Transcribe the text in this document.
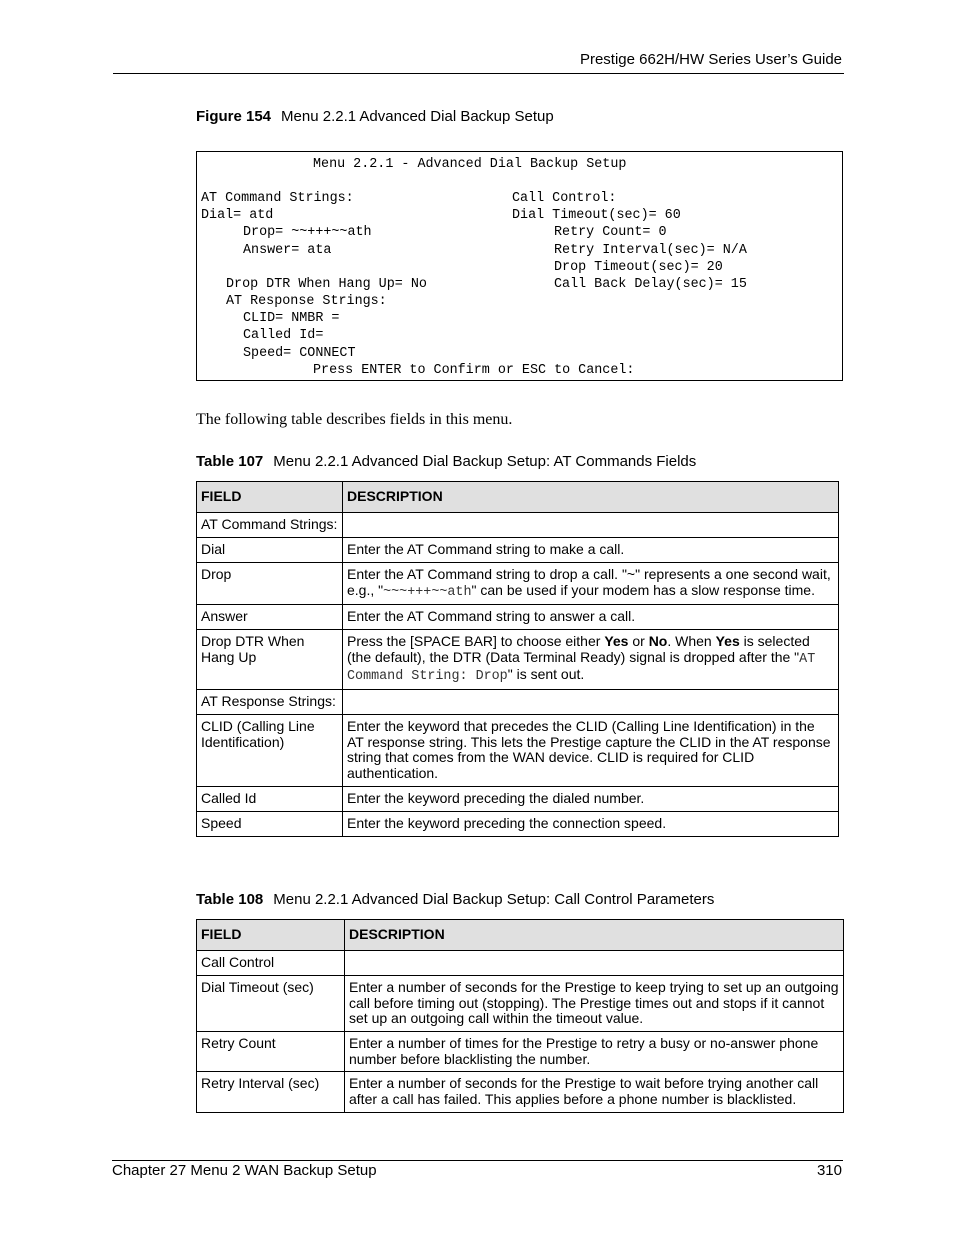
Prestige 662H/HW Series User’s Guide
Figure 154 Menu 2.2.1 Advanced Dial Backup Setup
Menu 2.2.1 - Advanced Dial Backup Setup
AT Command Strings:
Dial= atd
Drop= ~~+++~~ath
Answer= ata
Drop DTR When Hang Up= No
AT Response Strings:
CLID= NMBR =
Called Id=
Speed= CONNECT
Call Control:
Dial Timeout(sec)= 60
Retry Count= 0
Retry Interval(sec)= N/A
Drop Timeout(sec)= 20
Call Back Delay(sec)= 15
Press ENTER to Confirm or ESC to Cancel:
The following table describes fields in this menu.
Table 107 Menu 2.2.1 Advanced Dial Backup Setup: AT Commands Fields
FIELD	DESCRIPTION
AT Command Strings:	
Dial	Enter the AT Command string to make a call.
Drop	Enter the AT Command string to drop a call. "~" represents a one second wait, e.g., "~~~+++~~ath" can be used if your modem has a slow response time.
Answer	Enter the AT Command string to answer a call.
Drop DTR When Hang Up	Press the [SPACE BAR] to choose either Yes or No. When Yes is selected (the default), the DTR (Data Terminal Ready) signal is dropped after the "AT Command String: Drop" is sent out.
AT Response Strings:	
CLID (Calling Line Identification)	Enter the keyword that precedes the CLID (Calling Line Identification) in the AT response string. This lets the Prestige capture the CLID in the AT response string that comes from the WAN device. CLID is required for CLID authentication.
Called Id	Enter the keyword preceding the dialed number.
Speed	Enter the keyword preceding the connection speed.
Table 108 Menu 2.2.1 Advanced Dial Backup Setup: Call Control Parameters
FIELD	DESCRIPTION
Call Control	
Dial Timeout (sec)	Enter a number of seconds for the Prestige to keep trying to set up an outgoing call before timing out (stopping). The Prestige times out and stops if it cannot set up an outgoing call within the timeout value.
Retry Count	Enter a number of times for the Prestige to retry a busy or no-answer phone number before blacklisting the number.
Retry Interval (sec)	Enter a number of seconds for the Prestige to wait before trying another call after a call has failed. This applies before a phone number is blacklisted.
Chapter 27 Menu 2 WAN Backup Setup	310
